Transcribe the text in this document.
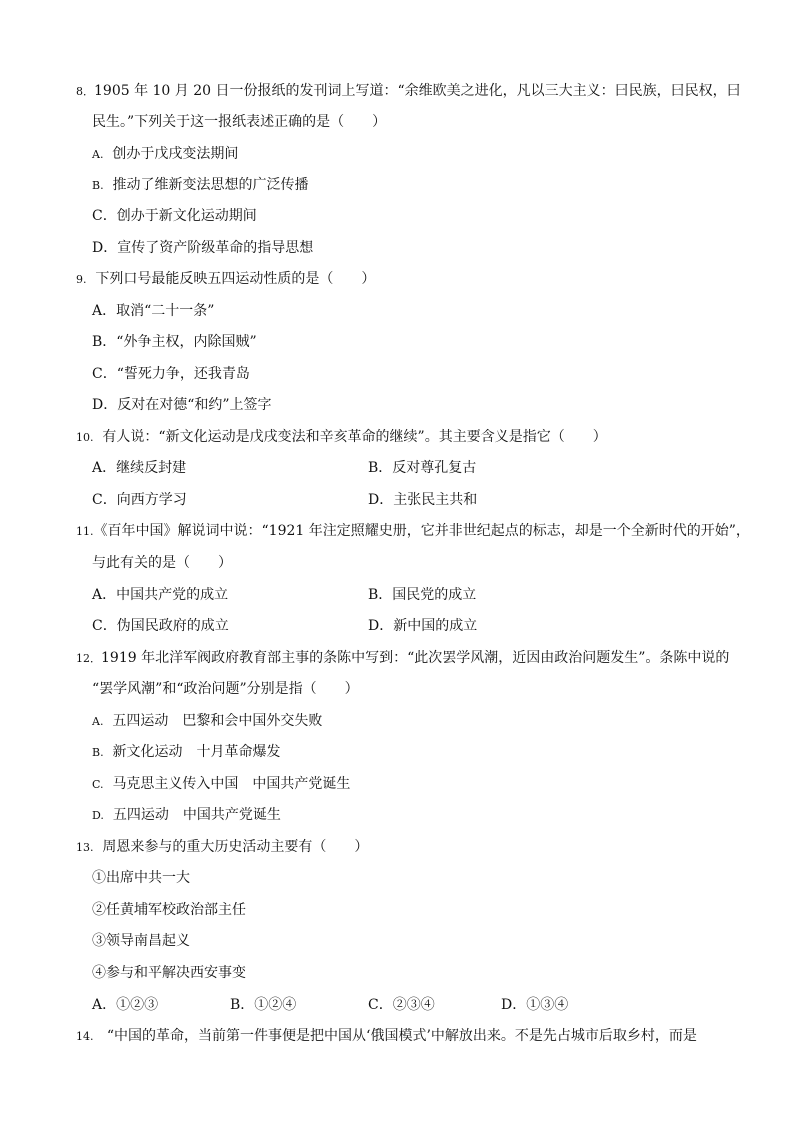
8．1905 年 10 月 20 日一份报纸的发刊词上写道：“余维欧美之进化，凡以三大主义：曰民族，曰民权，曰
民生。”下列关于这一报纸表述正确的是（　　）
A. 创办于戊戌变法期间
B. 推动了维新变法思想的广泛传播
C．创办于新文化运动期间
D．宣传了资产阶级革命的指导思想
9. 下列口号最能反映五四运动性质的是（　　）
A．取消“二十一条”
B．“外争主权，内除国贼”
C．“誓死力争，还我青岛
D．反对在对德“和约”上签字
10. 有人说：“新文化运动是戊戌变法和辛亥革命的继续”。其主要含义是指它（　　）
A．继续反封建	B．反对尊孔复古
C．向西方学习	D．主张民主共和
11.《百年中国》解说词中说：“1921 年注定照耀史册，它并非世纪起点的标志，却是一个全新时代的开始”，
与此有关的是（　　）
A．中国共产党的成立	B．国民党的成立
C．伪国民政府的成立	D．新中国的成立
12．1919 年北洋军阀政府教育部主事的条陈中写到：“此次罢学风潮，近因由政治问题发生”。条陈中说的
“罢学风潮”和“政治问题”分别是指（　　）
A. 五四运动　巴黎和会中国外交失败
B. 新文化运动　十月革命爆发
C. 马克思主义传入中国　中国共产党诞生
D. 五四运动　中国共产党诞生
13. 周恩来参与的重大历史活动主要有（　　）
①出席中共一大
②任黄埔军校政治部主任
③领导南昌起义
④参与和平解决西安事变
A．①②③	B．①②④	C．②③④	D．①③④
14. “中国的革命，当前第一件事便是把中国从‘俄国模式’中解放出来。不是先占城市后取乡村，而是
